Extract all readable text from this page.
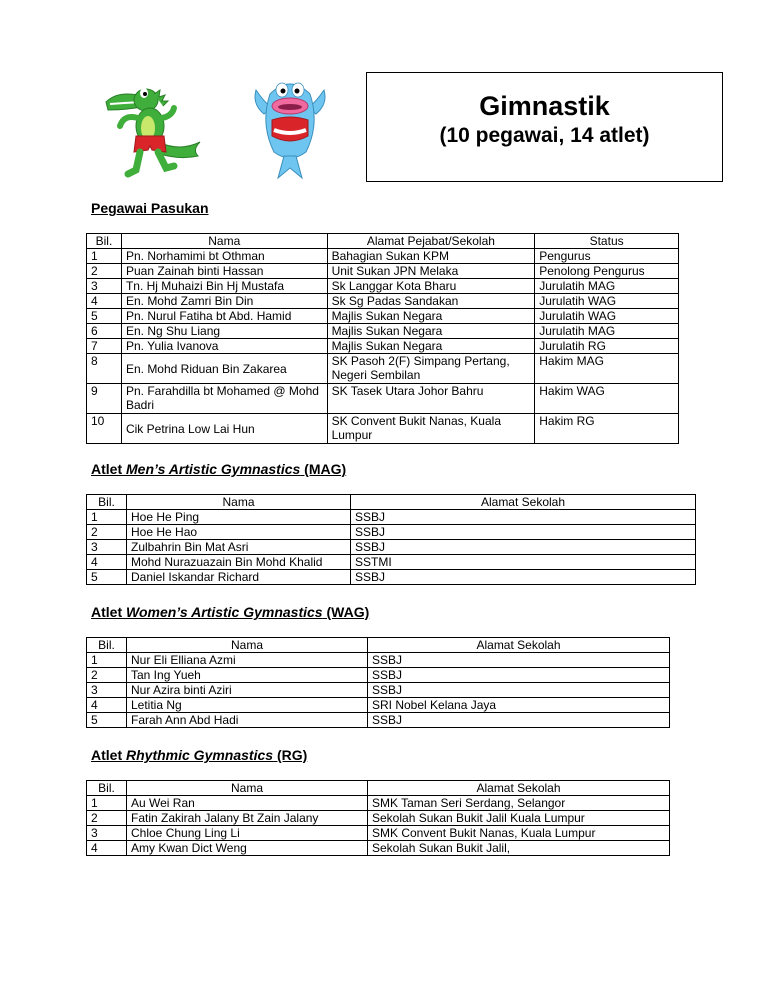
Gimnastik
(10 pegawai, 14 atlet)
Pegawai Pasukan
Bil.	Nama	Alamat Pejabat/Sekolah	Status
1	Pn. Norhamimi bt Othman	Bahagian Sukan KPM	Pengurus
2	Puan Zainah binti Hassan	Unit Sukan JPN Melaka	Penolong Pengurus
3	Tn. Hj Muhaizi Bin Hj Mustafa	Sk Langgar Kota Bharu	Jurulatih MAG
4	En. Mohd Zamri Bin Din	Sk Sg Padas Sandakan	Jurulatih WAG
5	Pn. Nurul Fatiha bt Abd. Hamid	Majlis Sukan Negara	Jurulatih WAG
6	En. Ng Shu Liang	Majlis Sukan Negara	Jurulatih MAG
7	Pn. Yulia Ivanova	Majlis Sukan Negara	Jurulatih RG
8	En. Mohd Riduan Bin Zakarea	SK Pasoh 2(F) Simpang Pertang, Negeri Sembilan	Hakim MAG
9	Pn. Farahdilla bt Mohamed @ Mohd Badri	SK Tasek Utara Johor Bahru	Hakim WAG
10	Cik Petrina Low Lai Hun	SK Convent Bukit Nanas, Kuala Lumpur	Hakim RG
Atlet Men’s Artistic Gymnastics (MAG)
Bil.	Nama	Alamat Sekolah
1	Hoe He Ping	SSBJ
2	Hoe He Hao	SSBJ
3	Zulbahrin Bin Mat Asri	SSBJ
4	Mohd Nurazuazain Bin Mohd Khalid	SSTMI
5	Daniel Iskandar Richard	SSBJ
Atlet Women’s Artistic Gymnastics (WAG)
Bil.	Nama	Alamat Sekolah
1	Nur Eli Elliana Azmi	SSBJ
2	Tan Ing Yueh	SSBJ
3	Nur Azira binti Aziri	SSBJ
4	Letitia Ng	SRI Nobel Kelana Jaya
5	Farah Ann Abd Hadi	SSBJ
Atlet Rhythmic Gymnastics (RG)
Bil.	Nama	Alamat Sekolah
1	Au Wei Ran	SMK Taman Seri Serdang, Selangor
2	Fatin Zakirah Jalany Bt Zain Jalany	Sekolah Sukan Bukit Jalil Kuala Lumpur
3	Chloe Chung Ling Li	SMK Convent Bukit Nanas, Kuala Lumpur
4	Amy Kwan Dict Weng	Sekolah Sukan Bukit Jalil,
